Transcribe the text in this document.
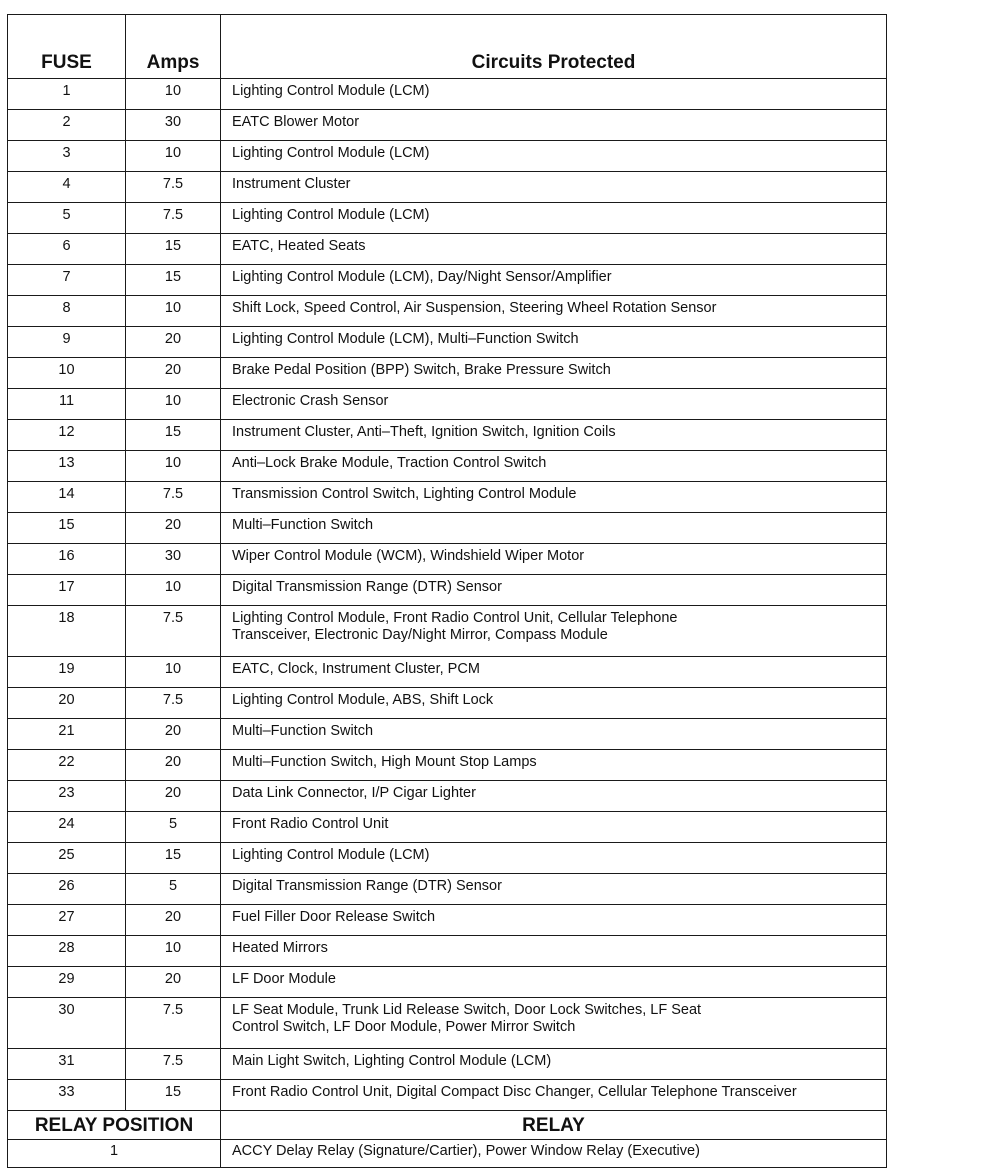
FUSE	Amps	Circuits Protected
1	10	Lighting Control Module (LCM)

2	30	EATC Blower Motor

3	10	Lighting Control Module (LCM)

4	7.5	Instrument Cluster

5	7.5	Lighting Control Module (LCM)

6	15	EATC, Heated Seats

7	15	Lighting Control Module (LCM), Day/Night Sensor/Amplifier

8	10	Shift Lock, Speed Control, Air Suspension, Steering Wheel Rotation Sensor

9	20	Lighting Control Module (LCM), Multi–Function Switch

10	20	Brake Pedal Position (BPP) Switch, Brake Pressure Switch

11	10	Electronic Crash Sensor

12	15	Instrument Cluster, Anti–Theft, Ignition Switch, Ignition Coils

13	10	Anti–Lock Brake Module, Traction Control Switch

14	7.5	Transmission Control Switch, Lighting Control Module

15	20	Multi–Function Switch

16	30	Wiper Control Module (WCM), Windshield Wiper Motor

17	10	Digital Transmission Range (DTR) Sensor

18	7.5	Lighting Control Module, Front Radio Control Unit, Cellular Telephone
Transceiver, Electronic Day/Night Mirror, Compass Module

19	10	EATC, Clock, Instrument Cluster, PCM

20	7.5	Lighting Control Module, ABS, Shift Lock

21	20	Multi–Function Switch

22	20	Multi–Function Switch, High Mount Stop Lamps

23	20	Data Link Connector, I/P Cigar Lighter

24	5	Front Radio Control Unit

25	15	Lighting Control Module (LCM)

26	5	Digital Transmission Range (DTR) Sensor

27	20	Fuel Filler Door Release Switch

28	10	Heated Mirrors

29	20	LF Door Module

30	7.5	LF Seat Module, Trunk Lid Release Switch, Door Lock Switches, LF Seat
Control Switch, LF Door Module, Power Mirror Switch

31	7.5	Main Light Switch, Lighting Control Module (LCM)

33	15	Front Radio Control Unit, Digital Compact Disc Changer, Cellular Telephone Transceiver

RELAY POSITION		RELAY
1		ACCY Delay Relay (Signature/Cartier), Power Window Relay (Executive)
